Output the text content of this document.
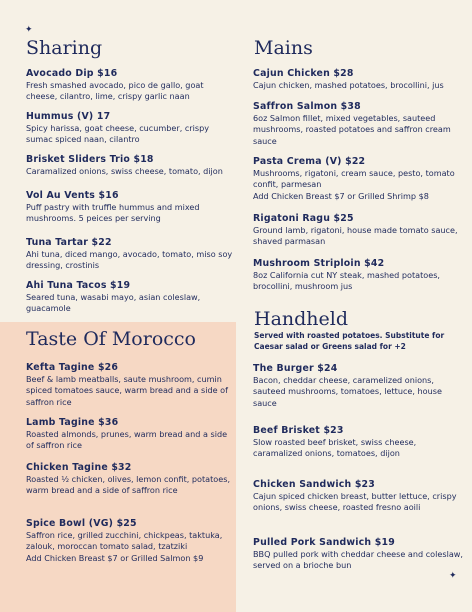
✦
✦
Sharing
Avocado Dip $16
Fresh smashed avocado, pico de gallo, goat cheese, cilantro, lime, crispy garlic naan
Hummus (V) 17
Spicy harissa, goat cheese, cucumber, crispy sumac spiced naan, cilantro
Brisket Sliders Trio $18
Caramalized onions, swiss cheese, tomato, dijon
Vol Au Vents $16
Puff pastry with truffle hummus and mixed mushrooms. 5 peices per serving
Tuna Tartar $22
Ahi tuna, diced mango, avocado, tomato, miso soy dressing, crostinis
Ahi Tuna Tacos $19
Seared tuna, wasabi mayo, asian coleslaw, guacamole
Taste Of Morocco
Kefta Tagine $26
Beef & lamb meatballs, saute mushroom, cumin spiced tomatoes sauce, warm bread and a side of saffron rice
Lamb Tagine $36
Roasted almonds, prunes, warm bread and a side of saffron rice
Chicken Tagine $32
Roasted ½ chicken, olives, lemon confit, potatoes, warm bread and a side of saffron rice
Spice Bowl (VG) $25
Saffron rice, grilled zucchini, chickpeas, taktuka, zalouk, moroccan tomato salad, tzatziki
Add Chicken Breast $7 or Grilled Salmon $9
Mains
Cajun Chicken $28
Cajun chicken, mashed potatoes, brocollini, jus
Saffron Salmon $38
6oz Salmon fillet, mixed vegetables, sauteed mushrooms, roasted potatoes and saffron cream sauce
Pasta Crema (V) $22
Mushrooms, rigatoni, cream sauce, pesto, tomato confit, parmesan
Add Chicken Breast $7 or Grilled Shrimp $8
Rigatoni Ragu $25
Ground lamb, rigatoni, house made tomato sauce, shaved parmasan
Mushroom Striploin $42
8oz California cut NY steak, mashed potatoes, brocollini, mushroom jus
Handheld
Served with roasted potatoes. Substitute for Caesar salad or Greens salad for +2
The Burger $24
Bacon, cheddar cheese, caramelized onions, sauteed mushrooms, tomatoes, lettuce, house sauce
Beef Brisket $23
Slow roasted beef brisket, swiss cheese, caramalized onions, tomatoes, dijon
Chicken Sandwich $23
Cajun spiced chicken breast, butter lettuce, crispy onions, swiss cheese, roasted fresno aoili
Pulled Pork Sandwich $19
BBQ pulled pork with cheddar cheese and coleslaw, served on a brioche bun
